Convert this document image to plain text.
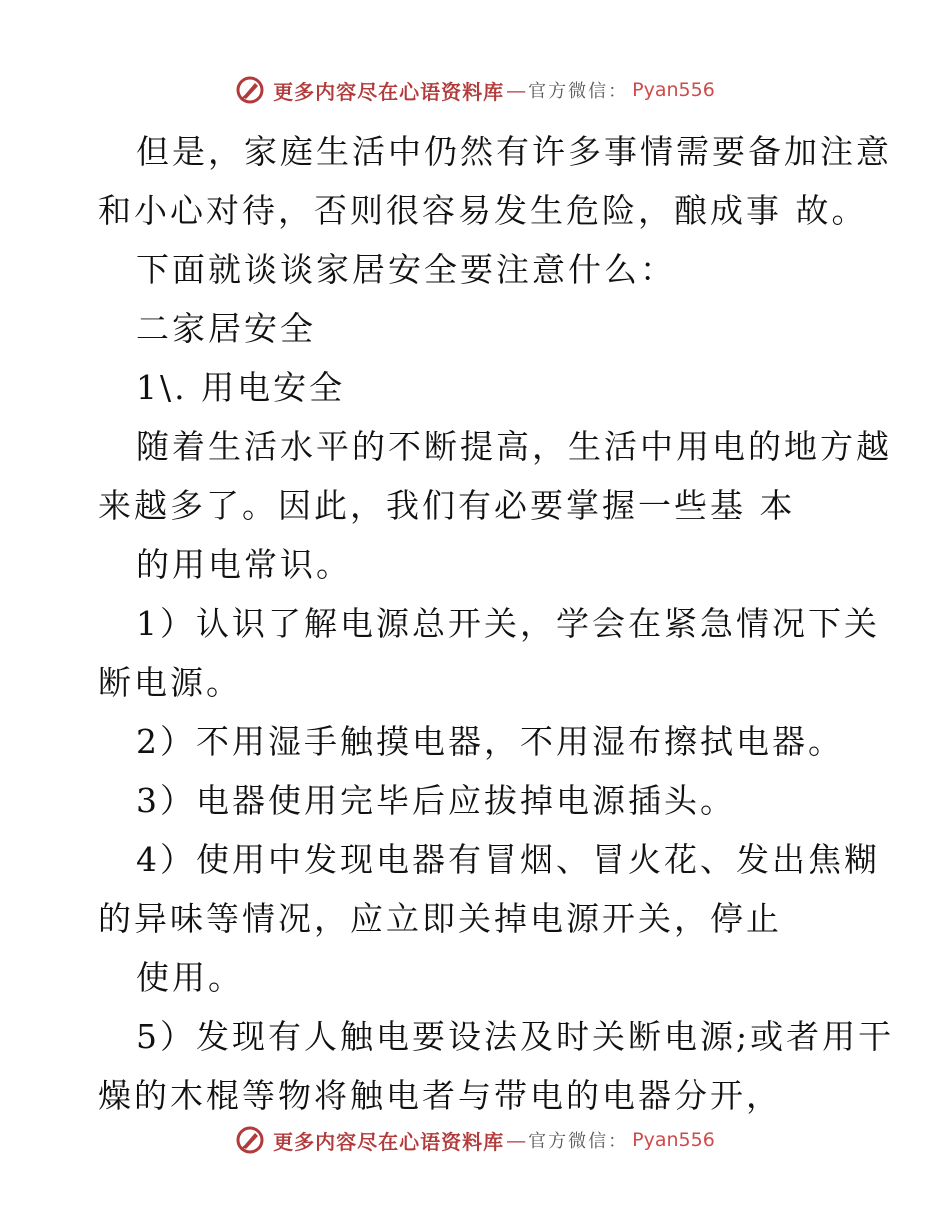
更多内容尽在心语资料库 — 官方微信： Pyan556
但是，家庭生活中仍然有许多事情需要备加注意
和小心对待，否则很容易发生危险，酿成事 故。
下面就谈谈家居安全要注意什么：
二家居安全
1\. 用电安全
随着生活水平的不断提高，生活中用电的地方越
来越多了。因此，我们有必要掌握一些基 本
的用电常识。
1）认识了解电源总开关，学会在紧急情况下关
断电源。
2）不用湿手触摸电器，不用湿布擦拭电器。
3）电器使用完毕后应拔掉电源插头。
4）使用中发现电器有冒烟、冒火花、发出焦糊
的异味等情况，应立即关掉电源开关，停止
使用。
5）发现有人触电要设法及时关断电源;或者用干
燥的木棍等物将触电者与带电的电器分开，
更多内容尽在心语资料库 — 官方微信： Pyan556
